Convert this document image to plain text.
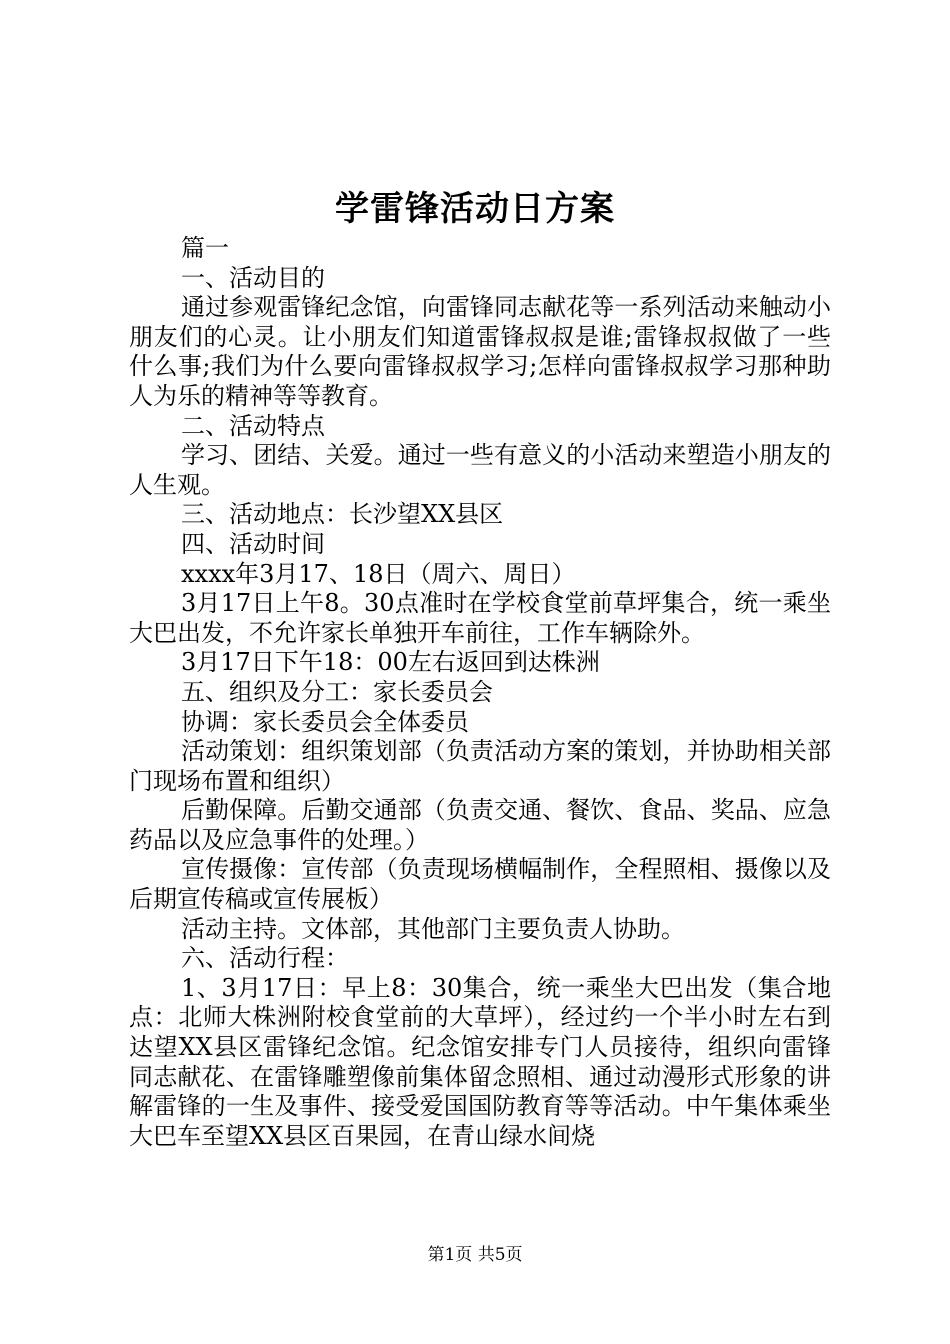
学雷锋活动日方案

篇一

一、活动目的

通过参观雷锋纪念馆，向雷锋同志献花等一系列活动来触动小朋友们的心灵。让小朋友们知道雷锋叔叔是谁;雷锋叔叔做了一些什么事;我们为什么要向雷锋叔叔学习;怎样向雷锋叔叔学习那种助人为乐的精神等等教育。

二、活动特点

学习、团结、关爱。通过一些有意义的小活动来塑造小朋友的人生观。

三、活动地点：长沙望XX县区

四、活动时间

xxxx年3月17、18日（周六、周日）

3月17日上午8。30点准时在学校食堂前草坪集合，统一乘坐大巴出发，不允许家长单独开车前往，工作车辆除外。

3月17日下午18：00左右返回到达株洲

五、组织及分工：家长委员会

协调：家长委员会全体委员

活动策划：组织策划部（负责活动方案的策划，并协助相关部门现场布置和组织）

后勤保障。后勤交通部（负责交通、餐饮、食品、奖品、应急药品以及应急事件的处理。）

宣传摄像：宣传部（负责现场横幅制作，全程照相、摄像以及后期宣传稿或宣传展板）

活动主持。文体部，其他部门主要负责人协助。

六、活动行程：

1、3月17日：早上8：30集合，统一乘坐大巴出发（集合地点：北师大株洲附校食堂前的大草坪），经过约一个半小时左右到达望XX县区雷锋纪念馆。纪念馆安排专门人员接待，组织向雷锋同志献花、在雷锋雕塑像前集体留念照相、通过动漫形式形象的讲解雷锋的一生及事件、接受爱国国防教育等等活动。中午集体乘坐大巴车至望XX县区百果园，在青山绿水间烧

第1页 共5页
